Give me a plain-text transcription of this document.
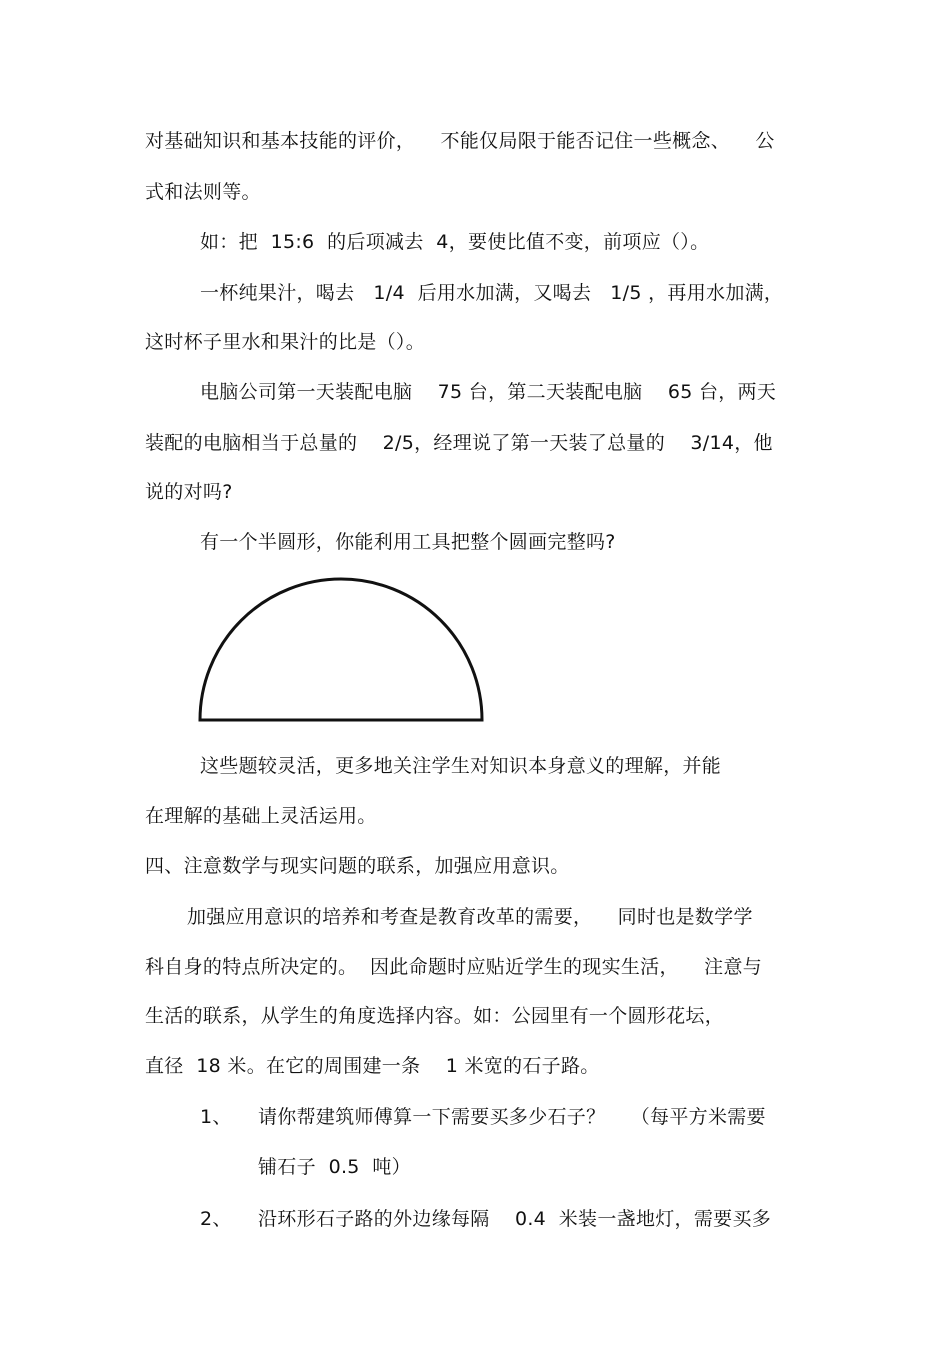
对基础知识和基本技能的评价，    不能仅局限于能否记住一些概念、    公
式和法则等。
如：把  15:6  的后项减去  4，要使比值不变，前项应（）。
一杯纯果汁，喝去   1/4  后用水加满，又喝去   1/5 ，再用水加满，
这时杯子里水和果汁的比是（）。
电脑公司第一天装配电脑    75 台，第二天装配电脑    65 台，两天
装配的电脑相当于总量的    2/5，经理说了第一天装了总量的    3/14，他
说的对吗?
有一个半圆形，你能利用工具把整个圆画完整吗?
这些题较灵活，更多地关注学生对知识本身意义的理解，并能
在理解的基础上灵活运用。
四、注意数学与现实问题的联系，加强应用意识。
加强应用意识的培养和考查是教育改革的需要，    同时也是数学学
科自身的特点所决定的。  因此命题时应贴近学生的现实生活，    注意与
生活的联系，从学生的角度选择内容。如：公园里有一个圆形花坛，
直径  18 米。在它的周围建一条    1 米宽的石子路。
1、 请你帮建筑师傅算一下需要买多少石子？    （每平方米需要
铺石子  0.5  吨）
2、 沿环形石子路的外边缘每隔    0.4  米装一盏地灯，需要买多
